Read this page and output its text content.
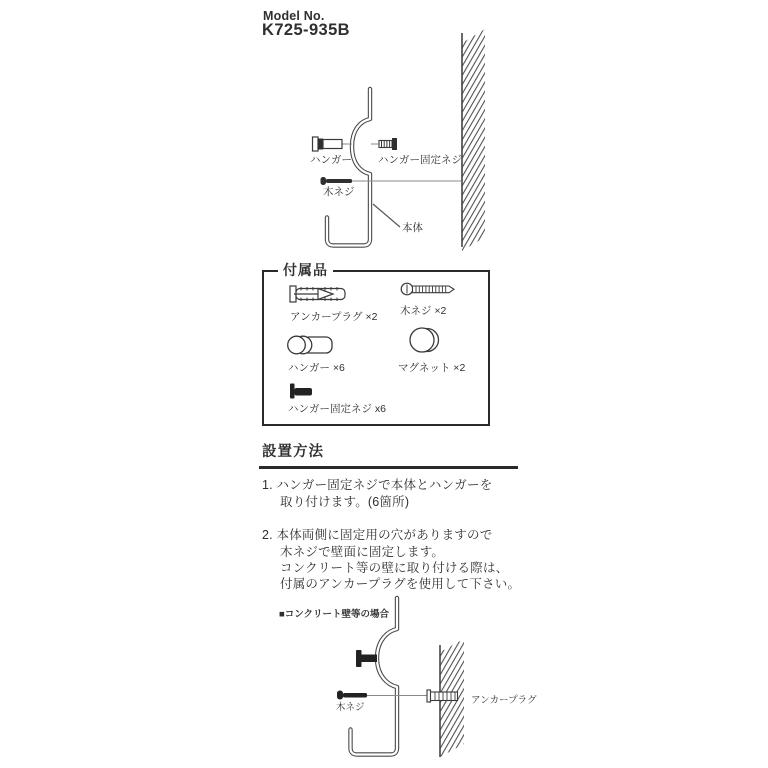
Model No.
K725-935B
ハンガー ハンガー固定ネジ
木ネジ
本体
付属品
アンカープラグ ×2 木ネジ ×2
ハンガー ×6	マグネット ×2
ハンガー固定ネジ x6
設置方法
1. ハンガー固定ネジで本体とハンガーを
取り付けます。(6箇所)
2. 本体両側に固定用の穴がありますので
木ネジで壁面に固定します。
コンクリート等の壁に取り付ける際は、
付属のアンカープラグを使用して下さい。
■コンクリート壁等の場合
木ネジ
アンカープラグ
